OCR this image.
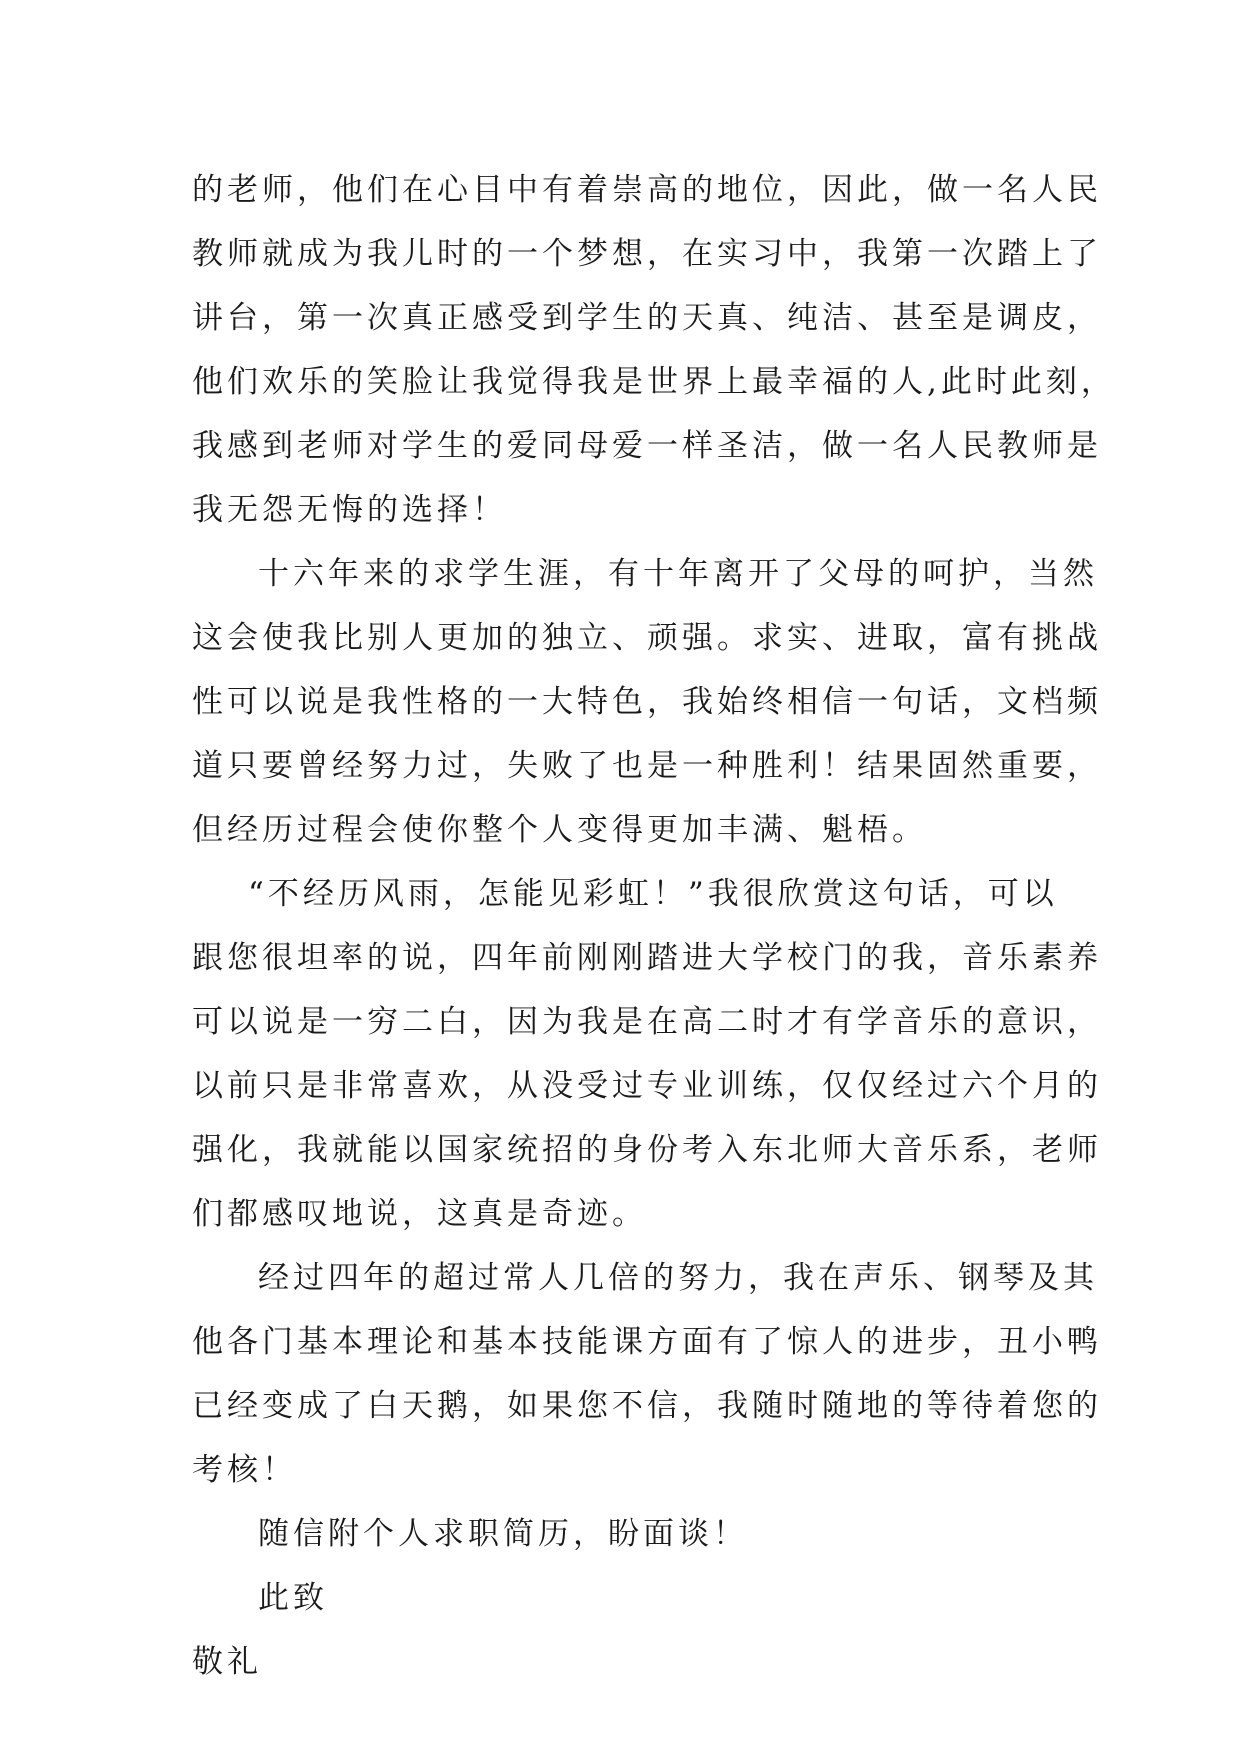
的老师，他们在心目中有着崇高的地位，因此，做一名人民
教师就成为我儿时的一个梦想，在实习中，我第一次踏上了
讲台，第一次真正感受到学生的天真、纯洁、甚至是调皮，
他们欢乐的笑脸让我觉得我是世界上最幸福的人,此时此刻，
我感到老师对学生的爱同母爱一样圣洁，做一名人民教师是
我无怨无悔的选择！
十六年来的求学生涯，有十年离开了父母的呵护，当然
这会使我比别人更加的独立、顽强。求实、进取，富有挑战
性可以说是我性格的一大特色，我始终相信一句话，文档频
道只要曾经努力过，失败了也是一种胜利！结果固然重要，
但经历过程会使你整个人变得更加丰满、魁梧。
“不经历风雨，怎能见彩虹！”我很欣赏这句话，可以
跟您很坦率的说，四年前刚刚踏进大学校门的我，音乐素养
可以说是一穷二白，因为我是在高二时才有学音乐的意识，
以前只是非常喜欢，从没受过专业训练，仅仅经过六个月的
强化，我就能以国家统招的身份考入东北师大音乐系，老师
们都感叹地说，这真是奇迹。
经过四年的超过常人几倍的努力，我在声乐、钢琴及其
他各门基本理论和基本技能课方面有了惊人的进步，丑小鸭
已经变成了白天鹅，如果您不信，我随时随地的等待着您的
考核！
随信附个人求职简历，盼面谈！
此致
敬礼
